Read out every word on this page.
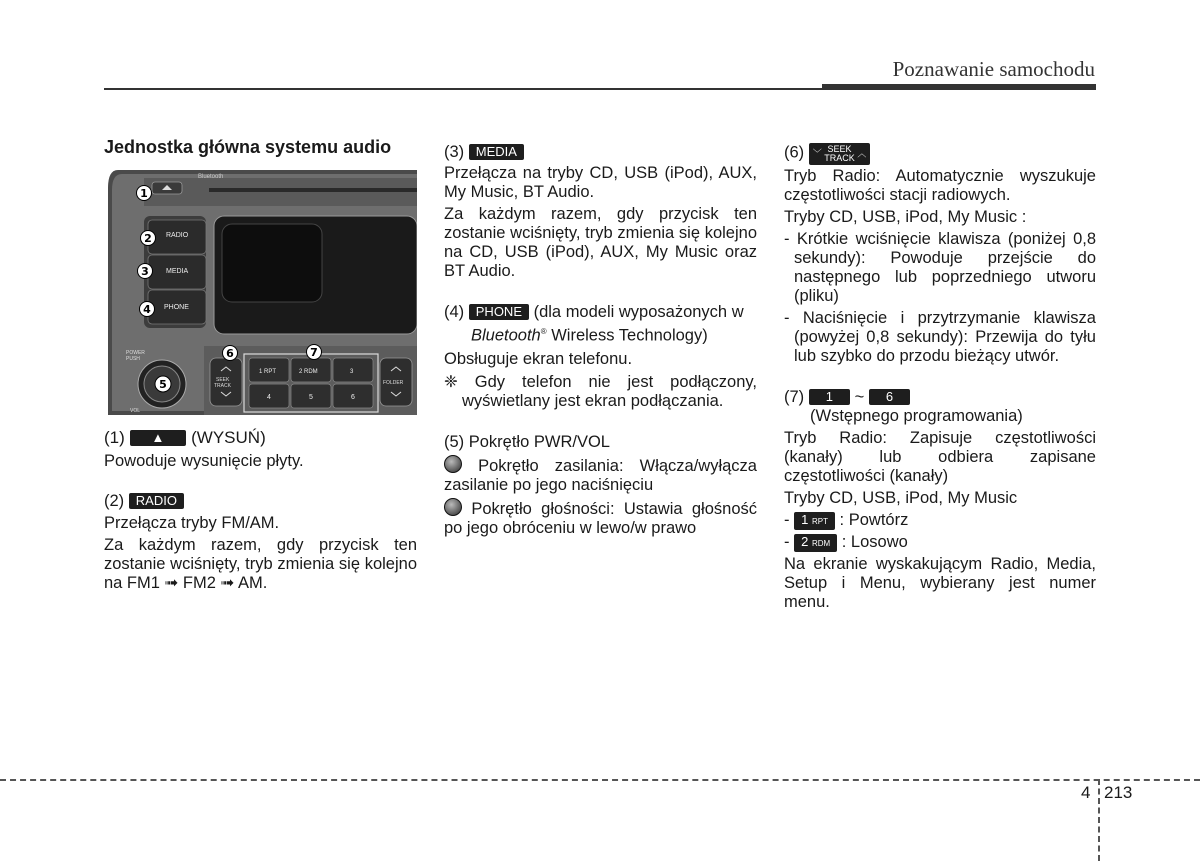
Poznawanie samochodu

Jednostka główna systemu audio

Bluetooth
RADIO
MEDIA
PHONE
POWER
PUSH
VOL
SEEK
TRACK
1 RPT	2 RDM	3
4	5	6
FOLDER
1
2
3
4
5
6	7

(1) ▲ (WYSUŃ)

Powoduje wysunięcie płyty.

(2) RADIO

Przełącza tryby FM/AM.

Za każdym razem, gdy przycisk ten zostanie wciśnięty, tryb zmienia się kolejno na FM1 ➟ FM2 ➟ AM.

(3) MEDIA

Przełącza na tryby CD, USB (iPod), AUX, My Music, BT Audio.

Za każdym razem, gdy przycisk ten zostanie wciśnięty, tryb zmienia się kolejno na CD, USB (iPod), AUX, My Music oraz BT Audio.

(4) PHONE (dla modeli wyposażonych w

Bluetooth® Wireless Technology)

Obsługuje ekran telefonu.

❈ Gdy telefon nie jest podłączony, wyświetlany jest ekran podłączania.

(5) Pokrętło PWR/VOL

Pokrętło zasilania: Włącza/wyłącza zasilanie po jego naciśnięciu

Pokrętło głośności: Ustawia głośność po jego obróceniu w lewo/w prawo

(6) ﹀ SEEK
TRACK ︿

Tryb Radio: Automatycznie wyszukuje częstotliwości stacji radiowych.

Tryby CD, USB, iPod, My Music :

- Krótkie wciśnięcie klawisza (poniżej 0,8 sekundy): Powoduje przejście do następnego lub poprzedniego utworu (pliku)

- Naciśnięcie i przytrzymanie klawisza (powyżej 0,8 sekundy): Przewija do tyłu lub szybko do przodu bieżący utwór.

(7) 1 ~ 6

(Wstępnego programowania)

Tryb Radio: Zapisuje częstotliwości (kanały) lub odbiera zapisane częstotliwości (kanały)

Tryby CD, USB, iPod, My Music

- 1 RPT : Powtórz

- 2 RDM : Losowo

Na ekranie wyskakującym Radio, Media, Setup i Menu, wybierany jest numer menu.

4 213
